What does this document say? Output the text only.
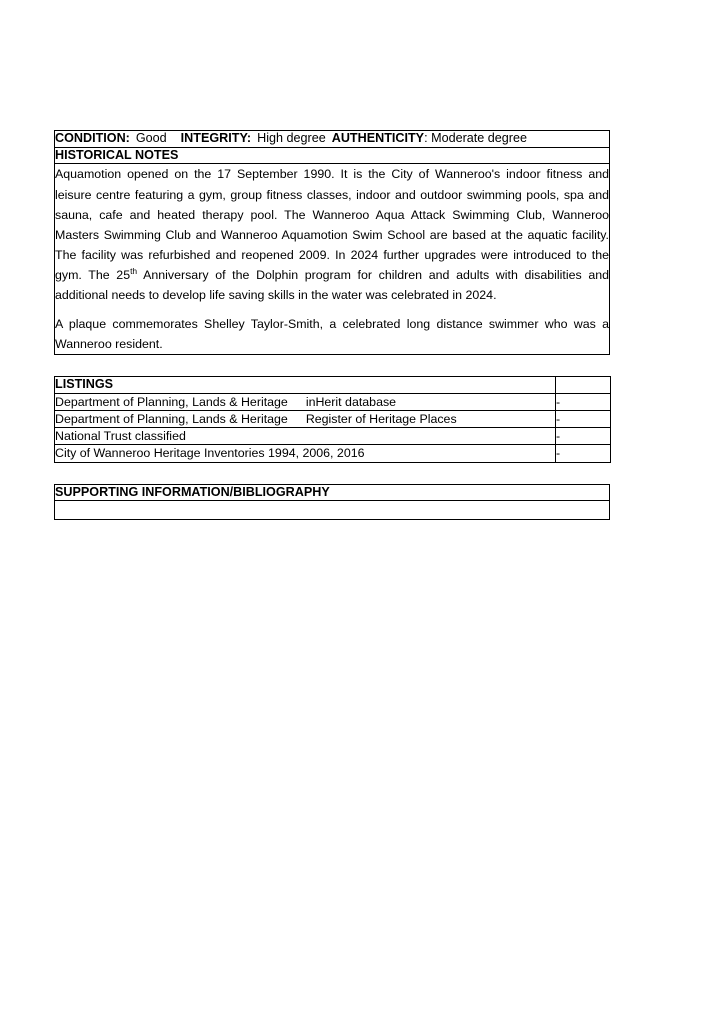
CONDITION: Good INTEGRITY: High degree AUTHENTICITY: Moderate degree
HISTORICAL NOTES

Aquamotion opened on the 17 September 1990. It is the City of Wanneroo's indoor fitness and leisure centre featuring a gym, group fitness classes, indoor and outdoor swimming pools, spa and sauna, cafe and heated therapy pool. The Wanneroo Aqua Attack Swimming Club, Wanneroo Masters Swimming Club and Wanneroo Aquamotion Swim School are based at the aquatic facility. The facility was refurbished and reopened 2009. In 2024 further upgrades were introduced to the gym. The 25th Anniversary of the Dolphin program for children and adults with disabilities and additional needs to develop life saving skills in the water was celebrated in 2024.

A plaque commemorates Shelley Taylor-Smith, a celebrated long distance swimmer who was a Wanneroo resident.

LISTINGS	
Department of Planning, Lands & Heritage inHerit database	-
Department of Planning, Lands & Heritage Register of Heritage Places	-
National Trust classified	-
City of Wanneroo Heritage Inventories 1994, 2006, 2016	-
SUPPORTING INFORMATION/BIBLIOGRAPHY
